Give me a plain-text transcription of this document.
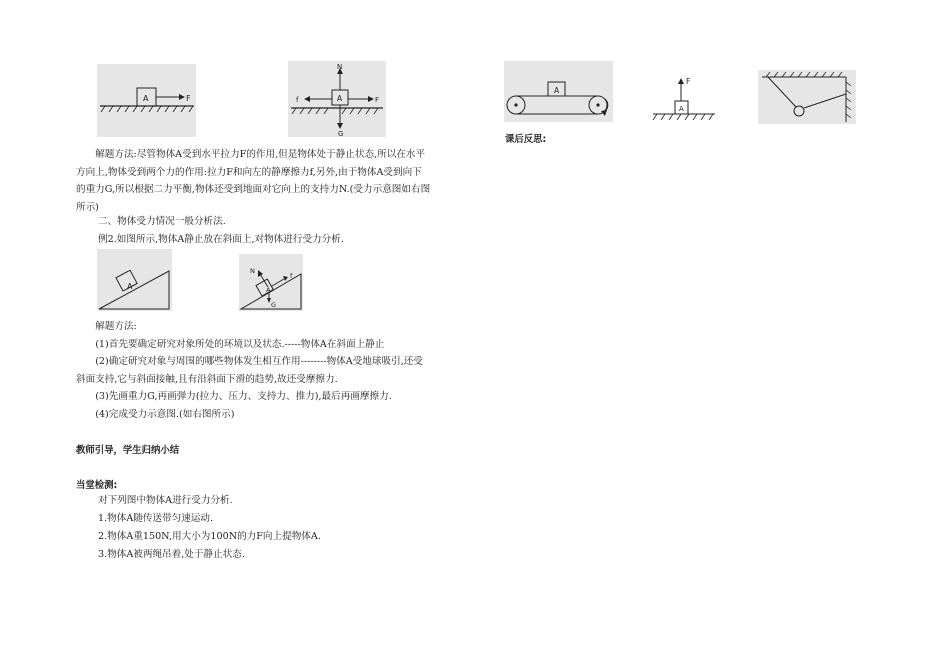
A	F	A
N
G
F
f
解题方法:尽管物体A受到水平拉力F的作用,但是物体处于静止状态,所以在水平
方向上,物体受到两个力的作用:拉力F和向左的静摩擦力f,另外,由于物体A受到向下
的重力G,所以根据二力平衡,物体还受到地面对它向上的支持力N.(受力示意图如右图
所示)
二、物体受力情况一般分析法.
例2.如图所示,物体A静止放在斜面上,对物体进行受力分析.
A	A
N
f
G
解题方法:
(1)首先要确定研究对象所处的环境以及状态.-----物体A在斜面上静止
(2)确定研究对象与周围的哪些物体发生相互作用--------物体A受地球吸引,还受
斜面支持,它与斜面接触,且有沿斜面下滑的趋势,故还受摩擦力.
(3)先画重力G,再画弹力(拉力、压力、支持力、推力),最后再画摩擦力.
(4)完成受力示意图.(如右图所示)
教师引导，学生归纳小结
当堂检测:
对下列图中物体A进行受力分析.
1.物体A随传送带匀速运动.
2.物体A重150N,用大小为100N的力F向上提物体A.
3.物体A被两绳吊着,处于静止状态.
A
A
F
课后反思:
